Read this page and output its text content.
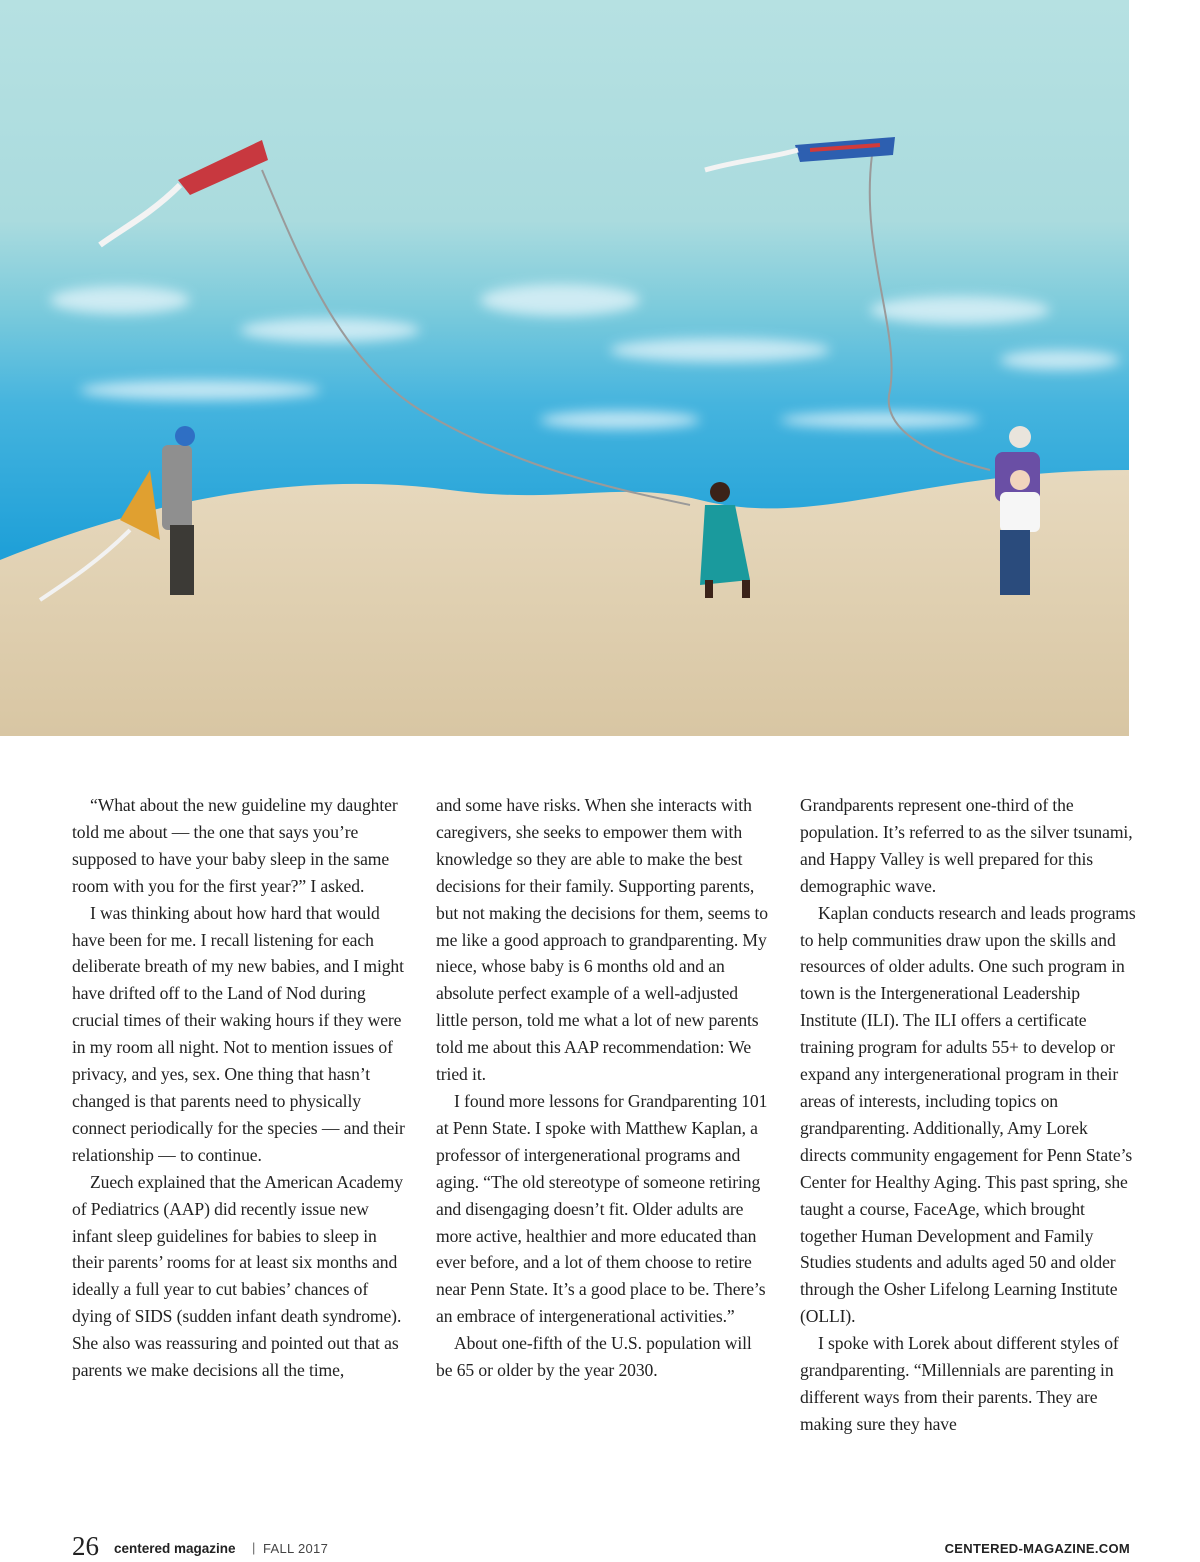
“What about the new guideline my daughter told me about — the one that says you’re supposed to have your baby sleep in the same room with you for the first year?” I asked.

I was thinking about how hard that would have been for me. I recall listening for each deliberate breath of my new babies, and I might have drifted off to the Land of Nod during crucial times of their waking hours if they were in my room all night. Not to mention issues of privacy, and yes, sex. One thing that hasn’t changed is that parents need to physically connect periodically for the species — and their relationship — to continue.

Zuech explained that the American Academy of Pediatrics (AAP) did recently issue new infant sleep guidelines for babies to sleep in their parents’ rooms for at least six months and ideally a full year to cut babies’ chances of dying of SIDS (sudden infant death syndrome). She also was reassuring and pointed out that as parents we make decisions all the time,

and some have risks. When she interacts with caregivers, she seeks to empower them with knowledge so they are able to make the best decisions for their family. Supporting parents, but not making the decisions for them, seems to me like a good approach to grandparenting. My niece, whose baby is 6 months old and an absolute perfect example of a well-adjusted little person, told me what a lot of new parents told me about this AAP recommendation: We tried it.

I found more lessons for Grandparenting 101 at Penn State. I spoke with Matthew Kaplan, a professor of intergenerational programs and aging. “The old stereotype of someone retiring and disengaging doesn’t fit. Older adults are more active, healthier and more educated than ever before, and a lot of them choose to retire near Penn State. It’s a good place to be. There’s an embrace of intergenerational activities.”

About one-fifth of the U.S. population will be 65 or older by the year 2030.

Grandparents represent one-third of the population. It’s referred to as the silver tsunami, and Happy Valley is well prepared for this demographic wave.

Kaplan conducts research and leads programs to help communities draw upon the skills and resources of older adults. One such program in town is the Intergenerational Leadership Institute (ILI). The ILI offers a certificate training program for adults 55+ to develop or expand any intergenerational program in their areas of interests, including topics on grandparenting. Additionally, Amy Lorek directs community engagement for Penn State’s Center for Healthy Aging. This past spring, she taught a course, FaceAge, which brought together Human Development and Family Studies students and adults aged 50 and older through the Osher Lifelong Learning Institute (OLLI).

I spoke with Lorek about different styles of grandparenting. “Millennials are parenting in different ways from their parents. They are making sure they have

26 centered magazine | FALL 2017	CENTERED-MAGAZINE.COM
